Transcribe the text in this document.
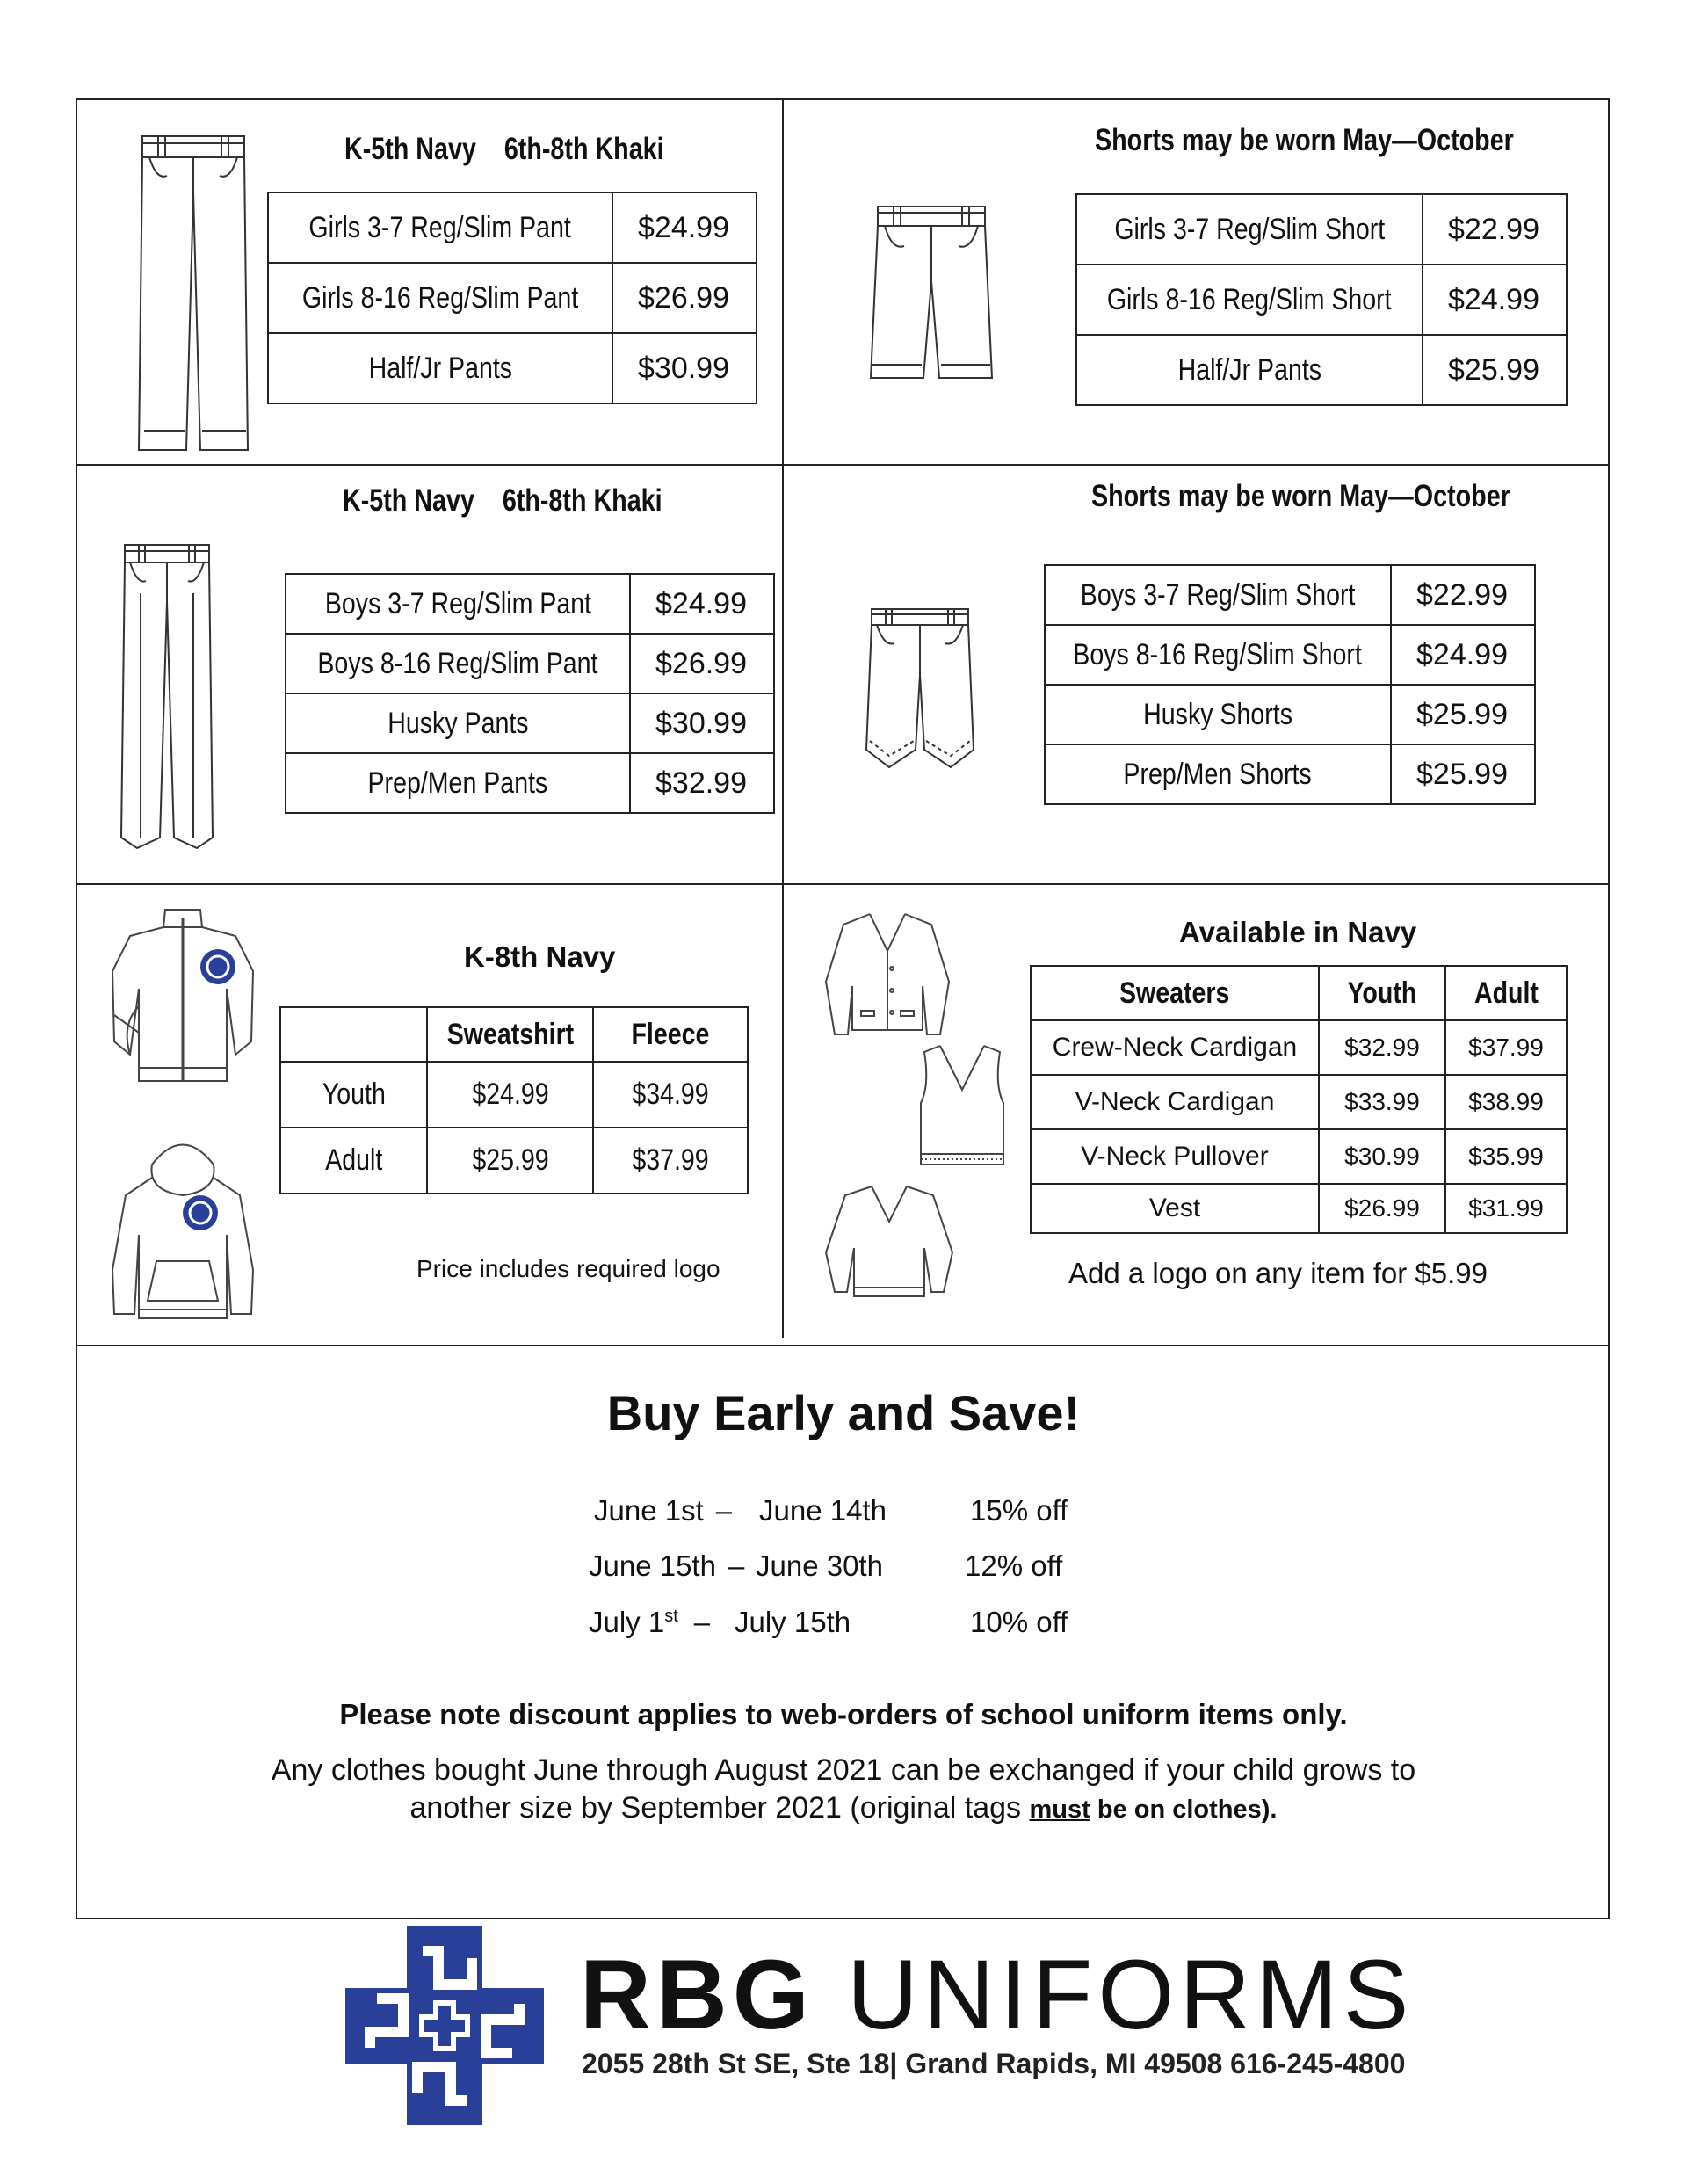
K-5th Navy 6th-8th Khaki
Girls 3-7 Reg/Slim Pant	$24.99
Girls 8-16 Reg/Slim Pant	$26.99
Half/Jr Pants	$30.99
Shorts may be worn May—October
Girls 3-7 Reg/Slim Short	$22.99
Girls 8-16 Reg/Slim Short	$24.99
Half/Jr Pants	$25.99
K-5th Navy 6th-8th Khaki
Boys 3-7 Reg/Slim Pant	$24.99
Boys 8-16 Reg/Slim Pant	$26.99
Husky Pants	$30.99
Prep/Men Pants	$32.99
Shorts may be worn May—October
Boys 3-7 Reg/Slim Short	$22.99
Boys 8-16 Reg/Slim Short	$24.99
Husky Shorts	$25.99
Prep/Men Shorts	$25.99
K-8th Navy
	Sweatshirt	Fleece
Youth	$24.99	$34.99
Adult	$25.99	$37.99
Price includes required logo
Available in Navy
Sweaters	Youth	Adult
Crew-Neck Cardigan	$32.99	$37.99
V-Neck Cardigan	$33.99	$38.99
V-Neck Pullover	$30.99	$35.99
Vest	$26.99	$31.99
Add a logo on any item for $5.99
Buy Early and Save!
June 1st – June 14th	15% off
June 15th – June 30th	12% off
July 1st – July 15th	10% off
Please note discount applies to web-orders of school uniform items only.
Any clothes bought June through August 2021 can be exchanged if your child grows to
another size by September 2021 (original tags must be on clothes).
RBG UNIFORMS
2055 28th St SE, Ste 18| Grand Rapids, MI 49508 616-245-4800
